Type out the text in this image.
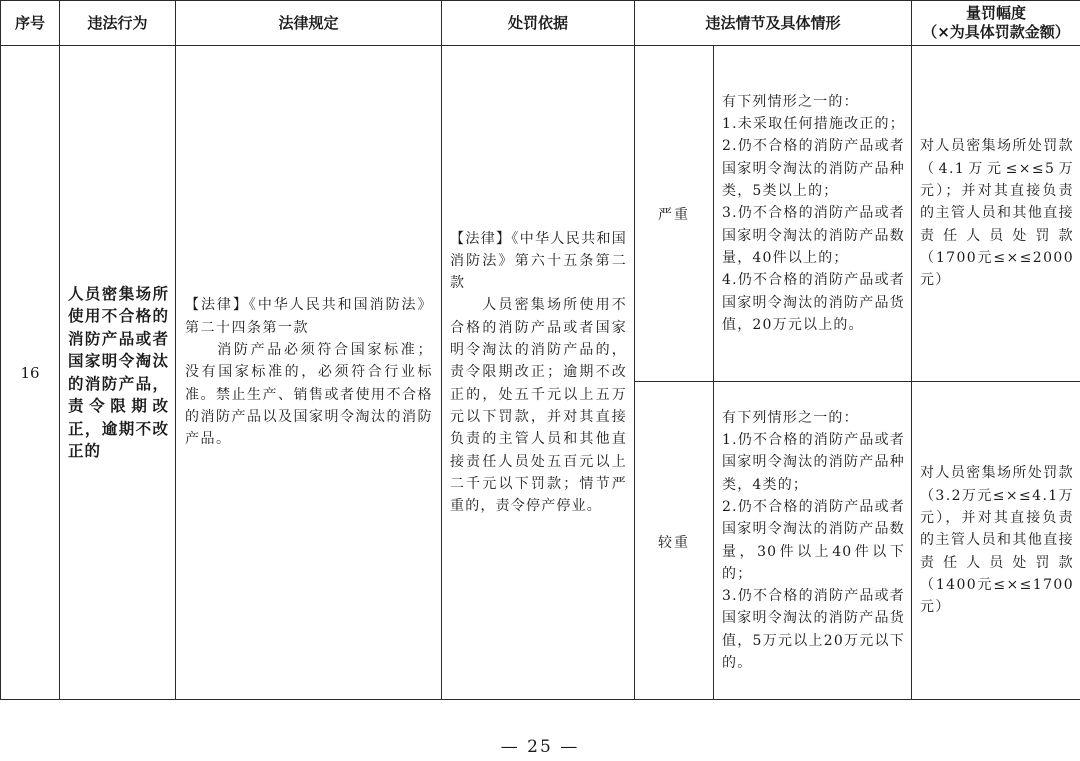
序号	违法行为	法律规定	处罚依据	违法情节及具体情形		量罚幅度
（×为具体罚款金额）

16	人员密集场所使用不合格的消防产品或者国家明令淘汰的消防产品，责令限期改正，逾期不改正的	【法律】《中华人民共和国消防法》第二十四条第一款
消防产品必须符合国家标准；没有国家标准的，必须符合行业标准。禁止生产、销售或者使用不合格的消防产品以及国家明令淘汰的消防产品。	【法律】《中华人民共和国消防法》第六十五条第二款
人员密集场所使用不合格的消防产品或者国家明令淘汰的消防产品的，责令限期改正；逾期不改正的，处五千元以上五万元以下罚款，并对其直接负责的主管人员和其他直接责任人员处五百元以上二千元以下罚款；情节严重的，责令停产停业。	严重	有下列情形之一的：
1.未采取任何措施改正的；
2.仍不合格的消防产品或者国家明令淘汰的消防产品种类，5类以上的；
3.仍不合格的消防产品或者国家明令淘汰的消防产品数量，40件以上的；
4.仍不合格的消防产品或者国家明令淘汰的消防产品货值，20万元以上的。	对人员密集场所处罚款（4.1万元≤×≤5万元）；并对其直接负责的主管人员和其他直接责任人员处罚款（1700元≤×≤2000元）
				较重	有下列情形之一的：
1.仍不合格的消防产品或者国家明令淘汰的消防产品种类，4类的；
2.仍不合格的消防产品或者国家明令淘汰的消防产品数量，30件以上40件以下的；
3.仍不合格的消防产品或者国家明令淘汰的消防产品货值，5万元以上20万元以下的。	对人员密集场所处罚款（3.2万元≤×≤4.1万元），并对其直接负责的主管人员和其他直接责任人员处罚款（1400元≤×≤1700元）
— 25 —
